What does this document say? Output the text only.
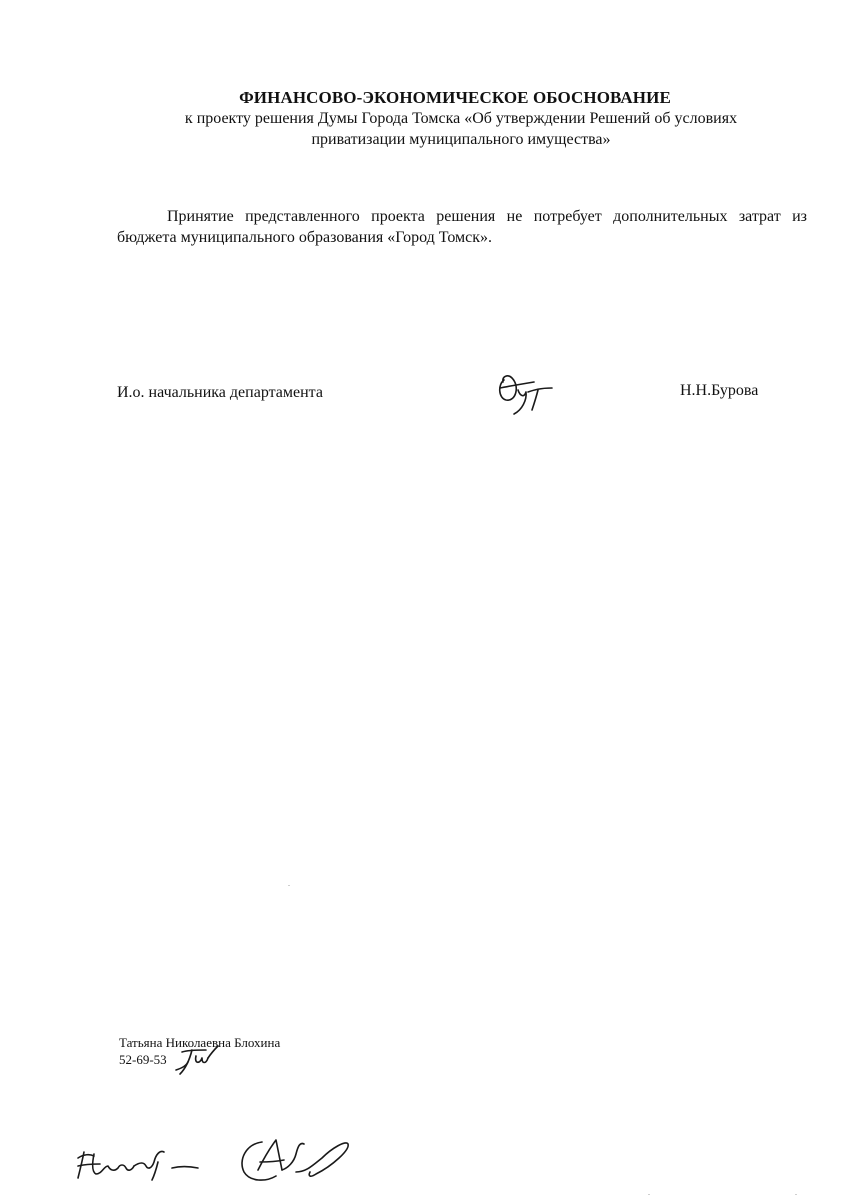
ФИНАНСОВО-ЭКОНОМИЧЕСКОЕ ОБОСНОВАНИЕ
к проекту решения Думы Города Томска «Об утверждении Решений об условиях
приватизации муниципального имущества»

Принятие представленного проекта решения не потребует дополнительных затрат из бюджета муниципального образования «Город Томск».

И.о. начальника департамента	Н.Н.Бурова
Татьяна Николаевна Блохина
52-69-53
